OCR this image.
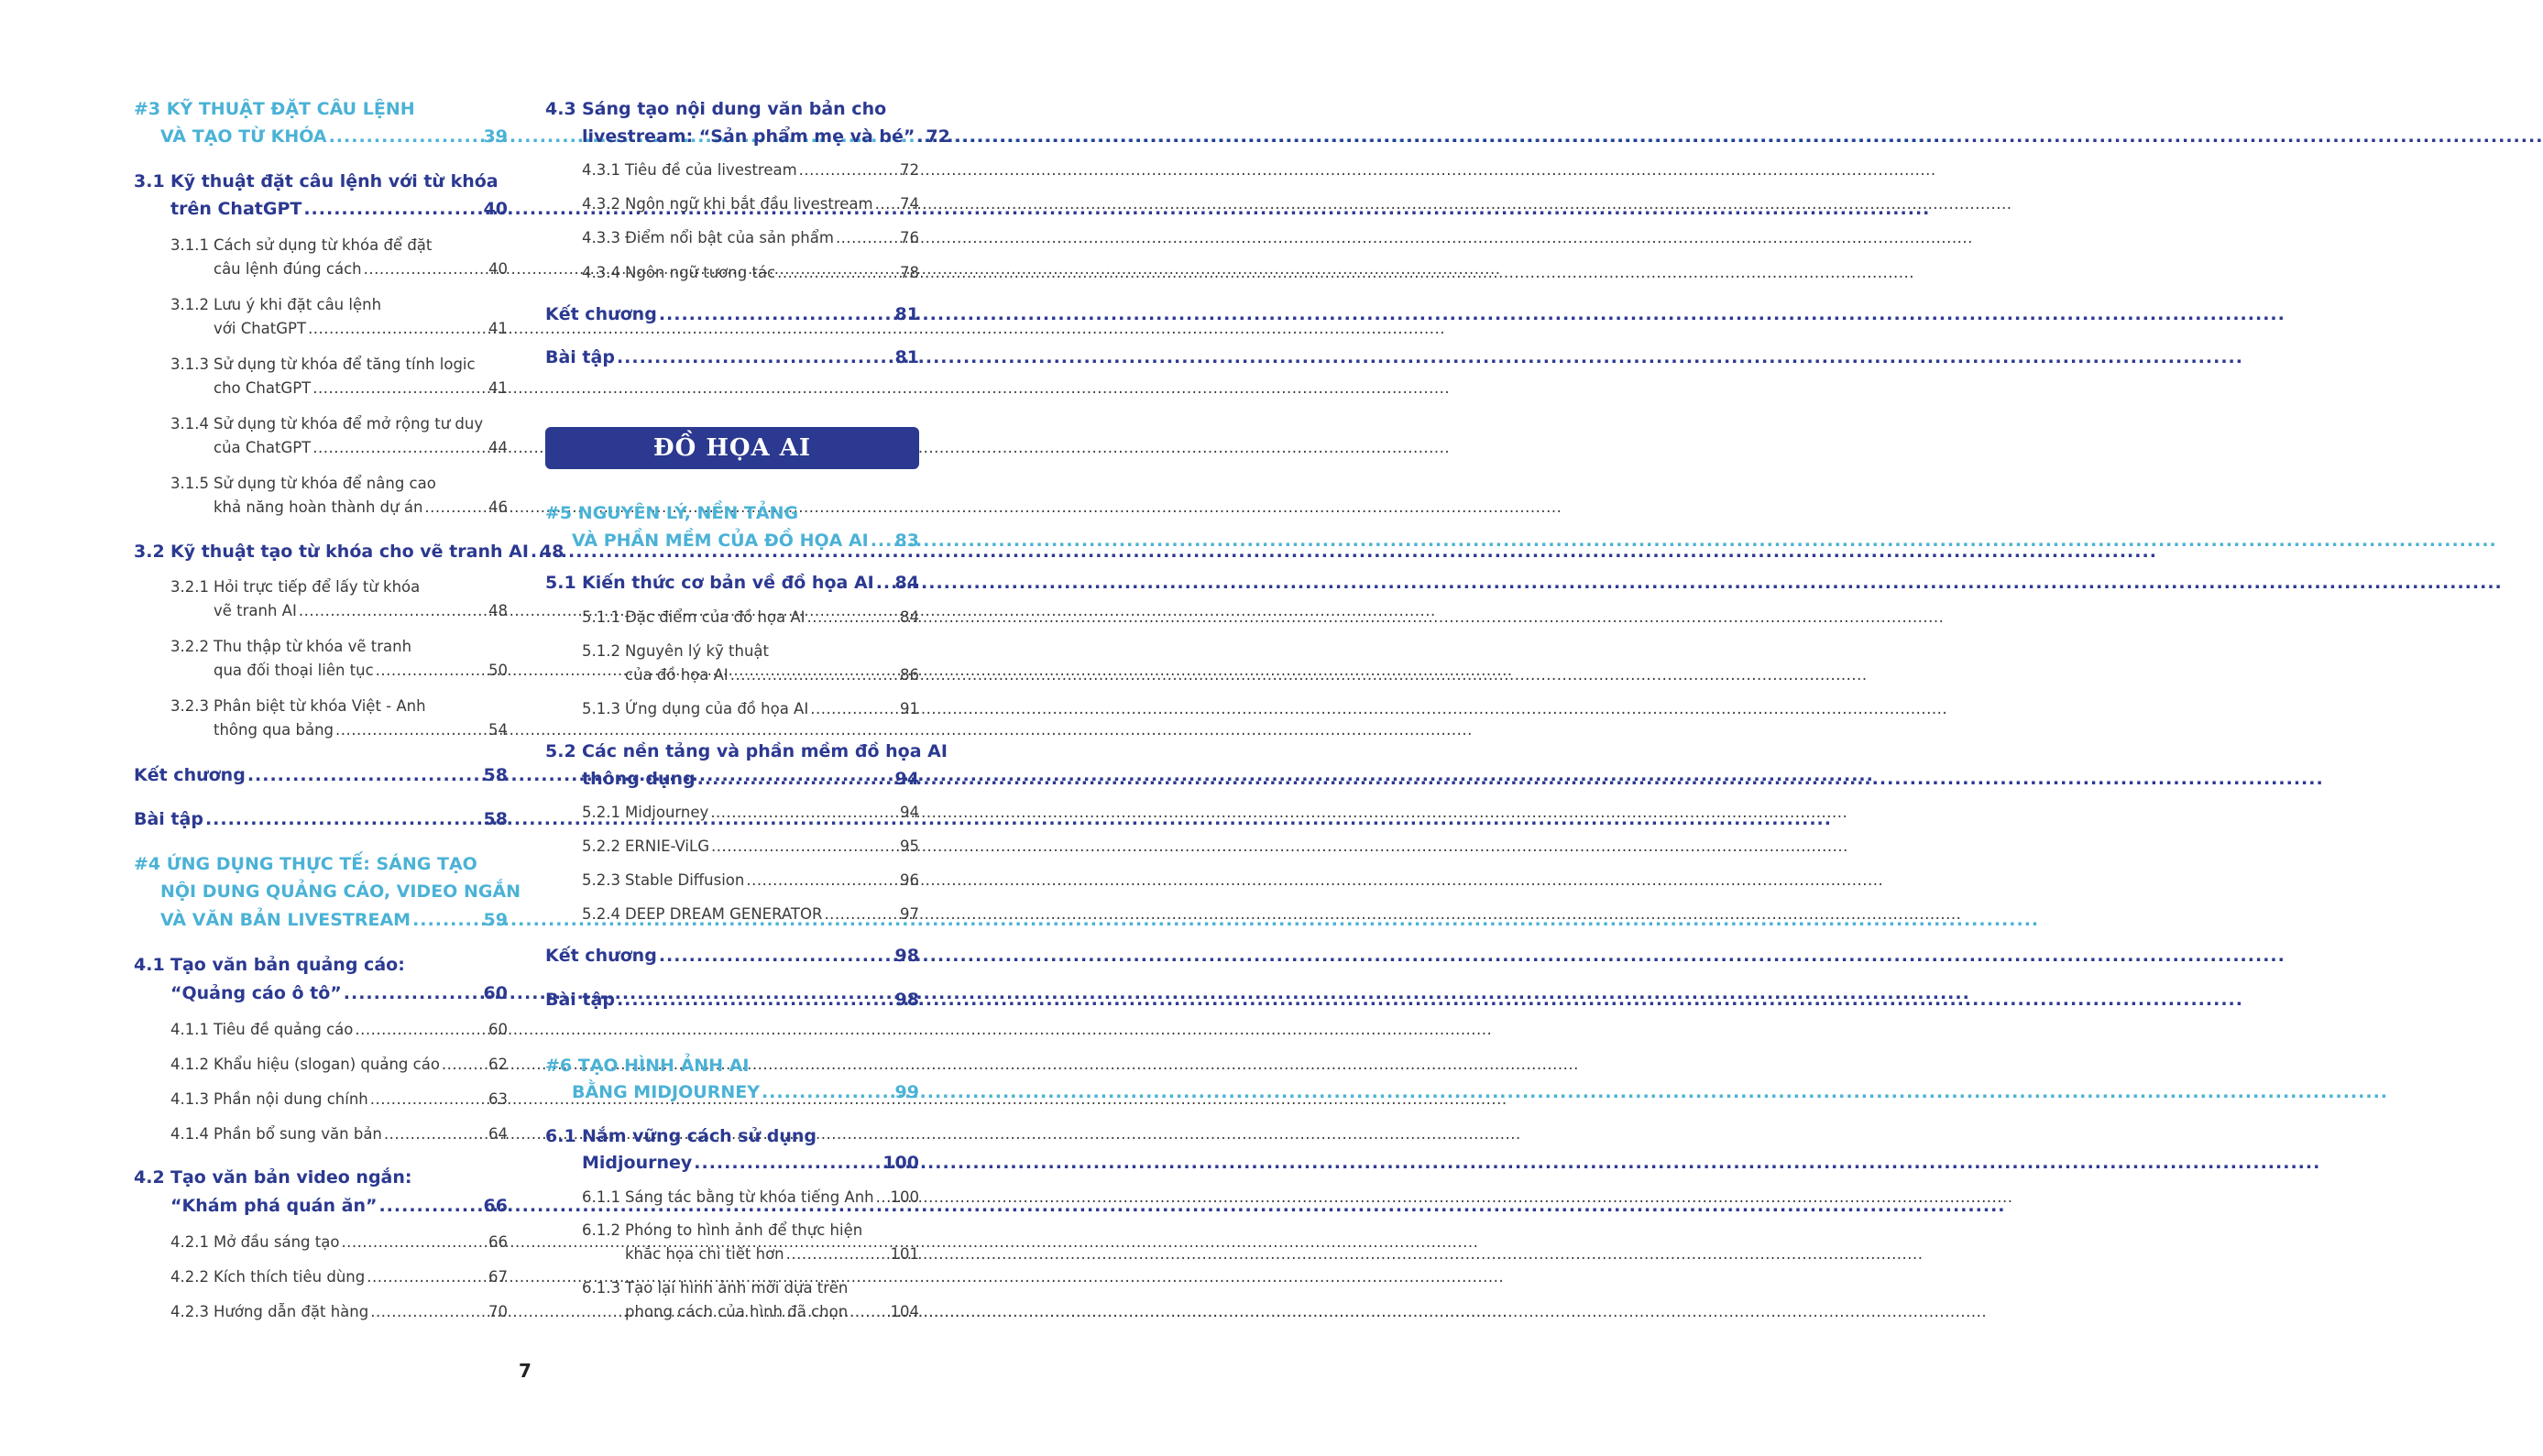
#3 KỸ THUẬT ĐẶT CÂU LỆNH
VÀ TẠO TỪ KHÓA .....	39
3.1 Kỹ thuật đặt câu lệnh với từ khóa
trên ChatGPT .....	40
3.1.1 Cách sử dụng từ khóa để đặt
câu lệnh đúng cách .....	40
3.1.2 Lưu ý khi đặt câu lệnh
với ChatGPT .....	41
3.1.3 Sử dụng từ khóa để tăng tính logic
cho ChatGPT .....	41
3.1.4 Sử dụng từ khóa để mở rộng tư duy
của ChatGPT .....	44
3.1.5 Sử dụng từ khóa để nâng cao
khả năng hoàn thành dự án .....	46
3.2 Kỹ thuật tạo từ khóa cho vẽ tranh AI ..... 48
3.2.1 Hỏi trực tiếp để lấy từ khóa
vẽ tranh AI .....	48
3.2.2 Thu thập từ khóa vẽ tranh
qua đối thoại liên tục .....	50
3.2.3 Phân biệt từ khóa Việt - Anh
thông qua bảng .....	54
Kết chương .....	58
Bài tập .....	58
#4 ỨNG DỤNG THỰC TẾ: SÁNG TẠO
NỘI DUNG QUẢNG CÁO, VIDEO NGẮN
VÀ VĂN BẢN LIVESTREAM .....	59
4.1 Tạo văn bản quảng cáo:
“Quảng cáo ô tô” .....	60
4.1.1 Tiêu đề quảng cáo .....	60
4.1.2 Khẩu hiệu (slogan) quảng cáo .....	62
4.1.3 Phần nội dung chính .....	63
4.1.4 Phần bổ sung văn bản .....	64
4.2 Tạo văn bản video ngắn:
“Khám phá quán ăn” .....	66
4.2.1 Mở đầu sáng tạo .....	66
4.2.2 Kích thích tiêu dùng .....	67
4.2.3 Hướng dẫn đặt hàng .....	70
4.3 Sáng tạo nội dung văn bản cho
livestream: “Sản phẩm mẹ và bé” ..... 72
4.3.1 Tiêu đề của livestream .....	72
4.3.2 Ngôn ngữ khi bắt đầu livestream ..... 74
4.3.3 Điểm nổi bật của sản phẩm .....	76
4.3.4 Ngôn ngữ tương tác .....	78
Kết chương .....	81
Bài tập .....	81
#5 NGUYÊN LÝ, NỀN TẢNG
VÀ PHẦN MỀM CỦA ĐỒ HỌA AI ..... 83
5.1 Kiến thức cơ bản về đồ họa AI ..... 84
5.1.1 Đặc điểm của đồ họa AI .....	84
5.1.2 Nguyên lý kỹ thuật
của đồ họa AI .....	86
5.1.3 Ứng dụng của đồ họa AI .....	91
5.2 Các nền tảng và phần mềm đồ họa AI
thông dụng .....	94
5.2.1 Midjourney .....	94
5.2.2 ERNIE-ViLG .....	95
5.2.3 Stable Diffusion .....	96
5.2.4 DEEP DREAM GENERATOR .....	97
Kết chương .....	98
Bài tập .....	98
#6 TẠO HÌNH ẢNH AI
BẰNG MIDJOURNEY .....	99
6.1 Nắm vững cách sử dụng
Midjourney .....	100
6.1.1 Sáng tác bằng từ khóa tiếng Anh ..... 100
6.1.2 Phóng to hình ảnh để thực hiện
khắc họa chi tiết hơn .....	101
6.1.3 Tạo lại hình ảnh mới dựa trên
phong cách của hình đã chọn .....	104
ĐỒ HỌA AI
7
